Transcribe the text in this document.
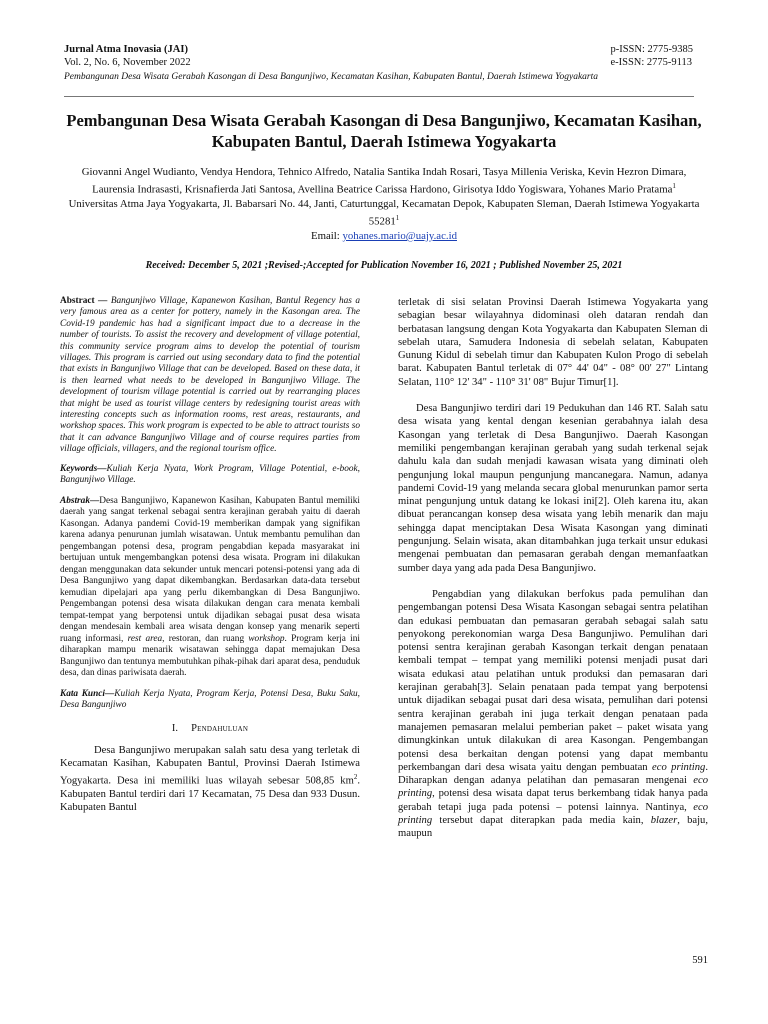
Jurnal Atma Inovasia (JAI)
Vol. 2, No. 6, November 2022
p-ISSN: 2775-9385
e-ISSN: 2775-9113
Pembangunan Desa Wisata Gerabah Kasongan di Desa Bangunjiwo, Kecamatan Kasihan, Kabupaten Bantul, Daerah Istimewa Yogyakarta
Pembangunan Desa Wisata Gerabah Kasongan di Desa Bangunjiwo, Kecamatan Kasihan, Kabupaten Bantul, Daerah Istimewa Yogyakarta
Giovanni Angel Wudianto, Vendya Hendora, Tehnico Alfredo, Natalia Santika Indah Rosari, Tasya Millenia Veriska, Kevin Hezron Dimara, Laurensia Indrasasti, Krisnafierda Jati Santosa, Avellina Beatrice Carissa Hardono, Girisotya Iddo Yogiswara, Yohanes Mario Pratama$^1$
Universitas Atma Jaya Yogyakarta, Jl. Babarsari No. 44, Janti, Caturtunggal, Kecamatan Depok, Kabupaten Sleman, Daerah Istimewa Yogyakarta 55281$^1$
Email: yohanes.mario@uajy.ac.id
Received: December 5, 2021 ;Revised-;Accepted for Publication November 16, 2021 ; Published November 25, 2021

Abstract — Bangunjiwo Village, Kapanewon Kasihan, Bantul Regency has a very famous area as a center for pottery, namely in the Kasongan area. The Covid-19 pandemic has had a significant impact due to a decrease in the number of tourists. To assist the recovery and development of village potential, this community service program aims to develop the potential of tourism villages. This program is carried out using secondary data to find the potential that exists in Bangunjiwo Village that can be developed. Based on these data, it is then learned what needs to be developed in Bangunjiwo Village. The development of tourism village potential is carried out by rearranging places that might be used as tourist village centers by redesigning tourist areas with interesting concepts such as information rooms, rest areas, restaurants, and workshop spaces. This work program is expected to be able to attract tourists so that it can advance Bangunjiwo Village and of course requires parties from village officials, villagers, and the regional tourism office.

Keywords—Kuliah Kerja Nyata, Work Program, Village Potential, e-book, Bangunjiwo Village.

Abstrak—Desa Bangunjiwo, Kapanewon Kasihan, Kabupaten Bantul memiliki daerah yang sangat terkenal sebagai sentra kerajinan gerabah yaitu di daerah Kasongan. Adanya pandemi Covid-19 memberikan dampak yang signifikan karena adanya penurunan jumlah wisatawan. Untuk membantu pemulihan dan pengembangan potensi desa, program pengabdian kepada masyarakat ini bertujuan untuk mengembangkan potensi desa wisata. Program ini dilakukan dengan menggunakan data sekunder untuk mencari potensi-potensi yang ada di Desa Bangunjiwo yang dapat dikembangkan. Berdasarkan data-data tersebut kemudian dipelajari apa yang perlu dikembangkan di Desa Bangunjiwo. Pengembangan potensi desa wisata dilakukan dengan cara menata kembali tempat-tempat yang berpotensi untuk dijadikan sebagai pusat desa wisata dengan mendesain kembali area wisata dengan konsep yang menarik seperti ruang informasi, rest area, restoran, dan ruang workshop. Program kerja ini diharapkan mampu menarik wisatawan sehingga dapat memajukan Desa Bangunjiwo dan tentunya membutuhkan pihak-pihak dari aparat desa, penduduk desa, dan dinas pariwisata daerah.

Kata Kunci—Kuliah Kerja Nyata, Program Kerja, Potensi Desa, Buku Saku, Desa Bangunjiwo

I. Pendahuluan

Desa Bangunjiwo merupakan salah satu desa yang terletak di Kecamatan Kasihan, Kabupaten Bantul, Provinsi Daerah Istimewa Yogyakarta. Desa ini memiliki luas wilayah sebesar 508,85 $km^2$. Kabupaten Bantul terdiri dari 17 Kecamatan, 75 Desa dan 933 Dusun. Kabupaten Bantul

terletak di sisi selatan Provinsi Daerah Istimewa Yogyakarta yang sebagian besar wilayahnya didominasi oleh dataran rendah dan berbatasan langsung dengan Kota Yogyakarta dan Kabupaten Sleman di sebelah utara, Samudera Indonesia di sebelah selatan, Kabupaten Gunung Kidul di sebelah timur dan Kabupaten Kulon Progo di sebelah barat. Kabupaten Bantul terletak di 07° 44' 04" - 08° 00' 27" Lintang Selatan, 110° 12' 34" - 110° 31' 08" Bujur Timur[1].

Desa Bangunjiwo terdiri dari 19 Pedukuhan dan 146 RT. Salah satu desa wisata yang kental dengan kesenian gerabahnya ialah desa Kasongan yang terletak di Desa Bangunjiwo. Daerah Kasongan memiliki pengembangan kerajinan gerabah yang sudah terkenal sejak dahulu kala dan sudah menjadi kawasan wisata yang diminati oleh pengunjung lokal maupun pengunjung mancanegara. Namun, adanya pandemi Covid-19 yang melanda secara global menurunkan pamor serta minat pengunjung untuk datang ke lokasi ini[2]. Oleh karena itu, akan dibuat perancangan konsep desa wisata yang lebih menarik dan maju sehingga dapat menciptakan Desa Wisata Kasongan yang diminati pengunjung. Selain wisata, akan ditambahkan juga terkait unsur edukasi mengenai pembuatan dan pemasaran gerabah dengan memanfaatkan sumber daya yang ada pada Desa Bangunjiwo.

Pengabdian yang dilakukan berfokus pada pemulihan dan pengembangan potensi Desa Wisata Kasongan sebagai sentra pelatihan dan edukasi pembuatan dan pemasaran gerabah sebagai salah satu penyokong perekonomian warga Desa Bangunjiwo. Pemulihan dari potensi sentra kerajinan gerabah Kasongan terkait dengan penataan kembali tempat – tempat yang memiliki potensi menjadi pusat dari wisata edukasi atau pelatihan untuk produksi dan pemasaran dari kerajinan gerabah[3]. Selain penataan pada tempat yang berpotensi untuk dijadikan sebagai pusat dari desa wisata, pemulihan dari potensi sentra kerajinan gerabah ini juga terkait dengan penataan pada manajemen pemasaran melalui pemberian paket – paket wisata yang dimungkinkan untuk dilakukan di area Kasongan. Pengembangan potensi desa berkaitan dengan potensi yang dapat membantu perkembangan dari desa wisata yaitu dengan pembuatan eco printing. Diharapkan dengan adanya pelatihan dan pemasaran mengenai eco printing, potensi desa wisata dapat terus berkembang tidak hanya pada gerabah tetapi juga pada potensi – potensi lainnya. Nantinya, eco printing tersebut dapat diterapkan pada media kain, blazer, baju, maupun

591
